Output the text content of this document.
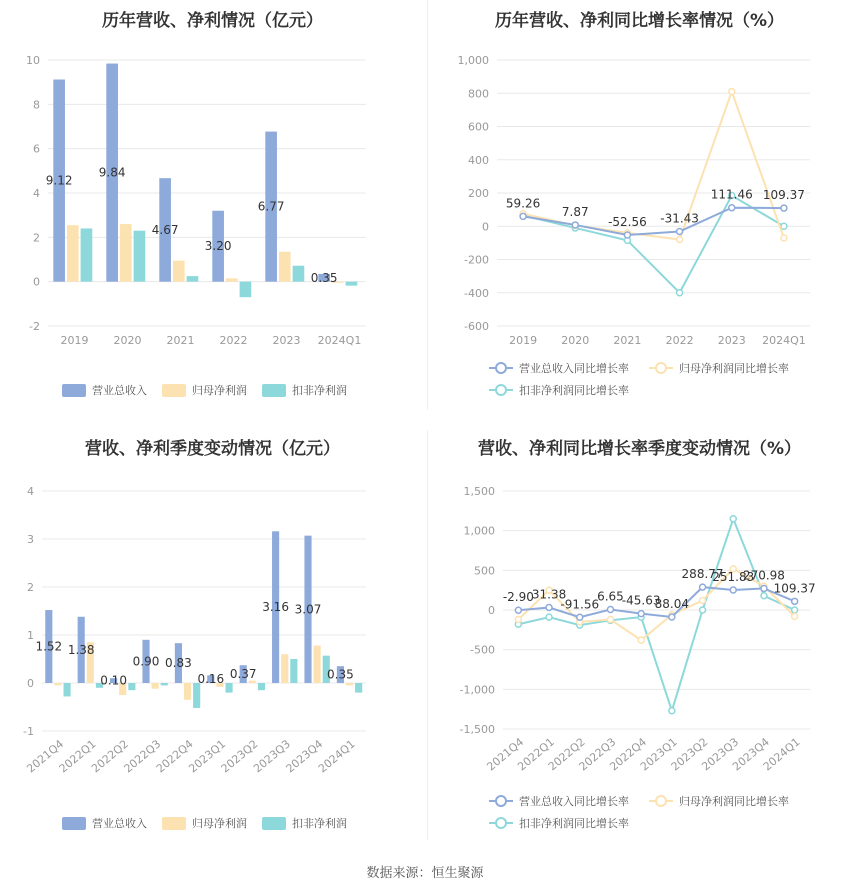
历年营收、净利情况（亿元）
-2
0
2
4
6
8
10
2019 2020 2021 2022 2023 2024Q1
9.12
9.84
4.67
3.20
6.77
0.35
营业总收入	归母净利润	扣非净利润
历年营收、净利同比增长率情况（%）
-600
-400
-200
0
200
400
600
800
1,000
2019 2020 2021 2022 2023 2024Q1
59.26
7.87
-52.56 -31.43
111.46 109.37
营业总收入同比增长率	归母净利润同比增长率
扣非净利润同比增长率
营收、净利季度变动情况（亿元）
-1
0
1
2
3
4
2021Q4
2022Q1
2022Q2
2022Q3
2022Q4
2023Q1
2023Q2
2023Q3
2023Q4
2024Q1
1.52 1.38
0.10
0.90 0.83
0.16 0.37
3.16 3.07
0.35
营业总收入	归母净利润	扣非净利润
营收、净利同比增长率季度变动情况（%）
-1,500
-1,000
-500
0
500
1,000
1,500
2021Q4
2022Q1
2022Q2
2022Q3
2022Q4
2023Q1
2023Q2
2023Q3
2023Q4
2024Q1
-2.90
31.38
-91.56
6.65
-45.63
88.04
288.77
251.83
270.98
109.37
营业总收入同比增长率	归母净利润同比增长率
扣非净利润同比增长率
数据来源：恒生聚源
